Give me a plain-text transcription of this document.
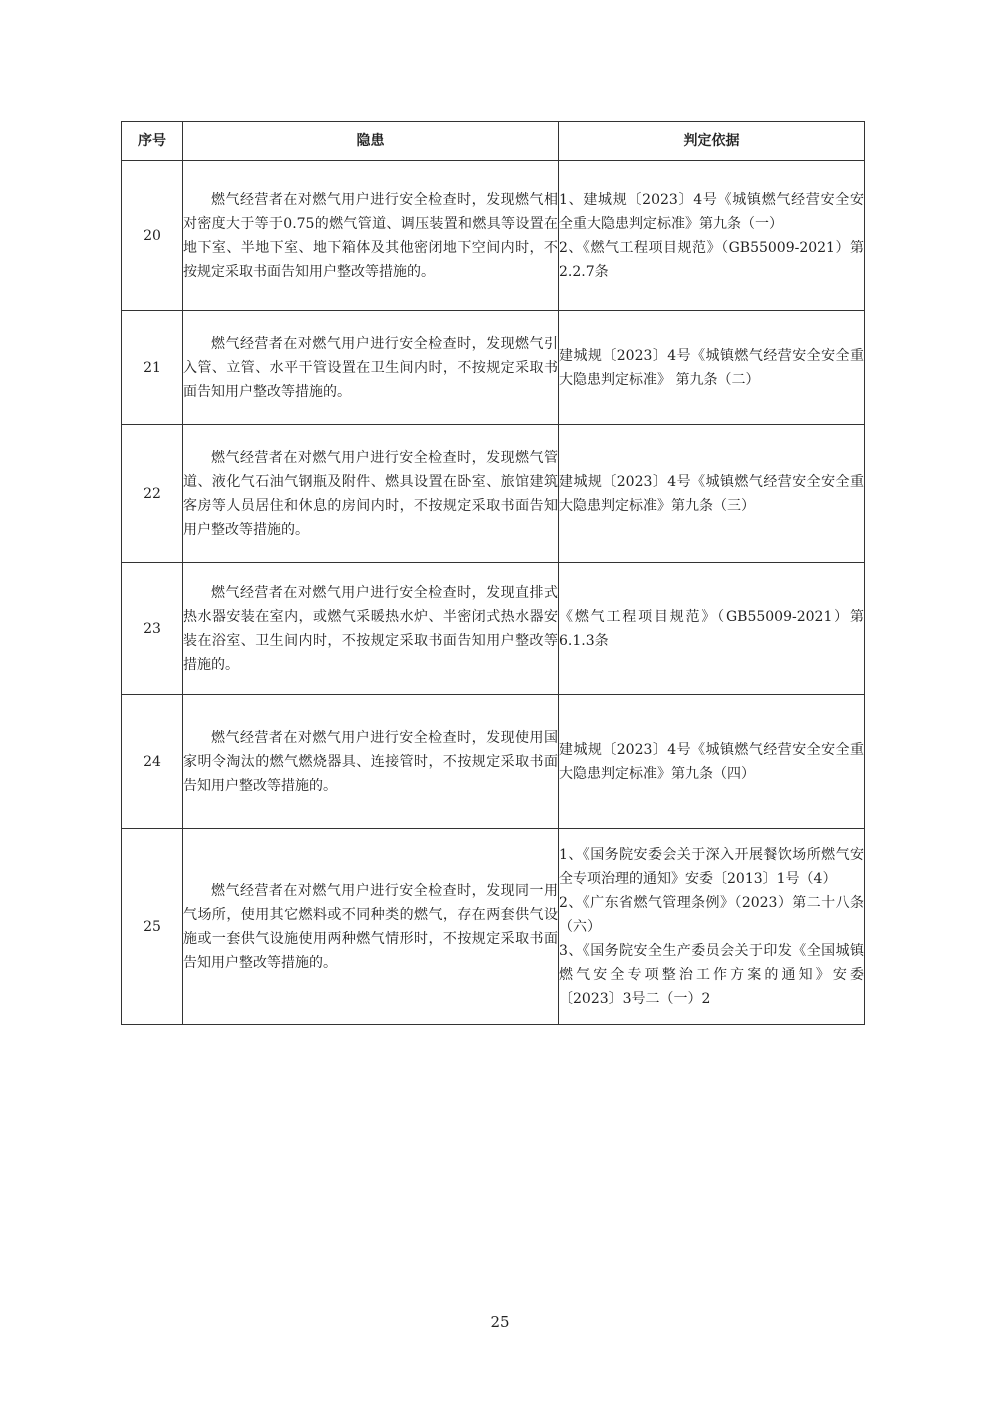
序号	隐患	判定依据
20	燃气经营者在对燃气用户进行安全检查时，发现燃气相对密度大于等于0.75的燃气管道、调压装置和燃具等设置在地下室、半地下室、地下箱体及其他密闭地下空间内时，不按规定采取书面告知用户整改等措施的。	1、建城规〔2023〕4号《城镇燃气经营安全安全重大隐患判定标准》第九条（一）
2、《燃气工程项目规范》（GB55009-2021）第2.2.7条

21	燃气经营者在对燃气用户进行安全检查时，发现燃气引入管、立管、水平干管设置在卫生间内时，不按规定采取书面告知用户整改等措施的。	建城规〔2023〕4号《城镇燃气经营安全安全重大隐患判定标准》 第九条（二）

22	燃气经营者在对燃气用户进行安全检查时，发现燃气管道、液化气石油气钢瓶及附件、燃具设置在卧室、旅馆建筑客房等人员居住和休息的房间内时，不按规定采取书面告知用户整改等措施的。	建城规〔2023〕4号《城镇燃气经营安全安全重大隐患判定标准》第九条（三）

23	燃气经营者在对燃气用户进行安全检查时，发现直排式热水器安装在室内，或燃气采暖热水炉、半密闭式热水器安装在浴室、卫生间内时，不按规定采取书面告知用户整改等措施的。	《燃气工程项目规范》（GB55009-2021）第6.1.3条

24	燃气经营者在对燃气用户进行安全检查时，发现使用国家明令淘汰的燃气燃烧器具、连接管时，不按规定采取书面告知用户整改等措施的。	建城规〔2023〕4号《城镇燃气经营安全安全重大隐患判定标准》第九条（四）

25	燃气经营者在对燃气用户进行安全检查时，发现同一用气场所，使用其它燃料或不同种类的燃气，存在两套供气设施或一套供气设施使用两种燃气情形时，不按规定采取书面告知用户整改等措施的。	1、《国务院安委会关于深入开展餐饮场所燃气安全专项治理的通知》安委〔2013〕1号（4）
2、《广东省燃气管理条例》（2023）第二十八条（六）
3、《国务院安全生产委员会关于印发《全国城镇燃气安全专项整治工作方案的通知》安委〔2023〕3号二（一）2
25
